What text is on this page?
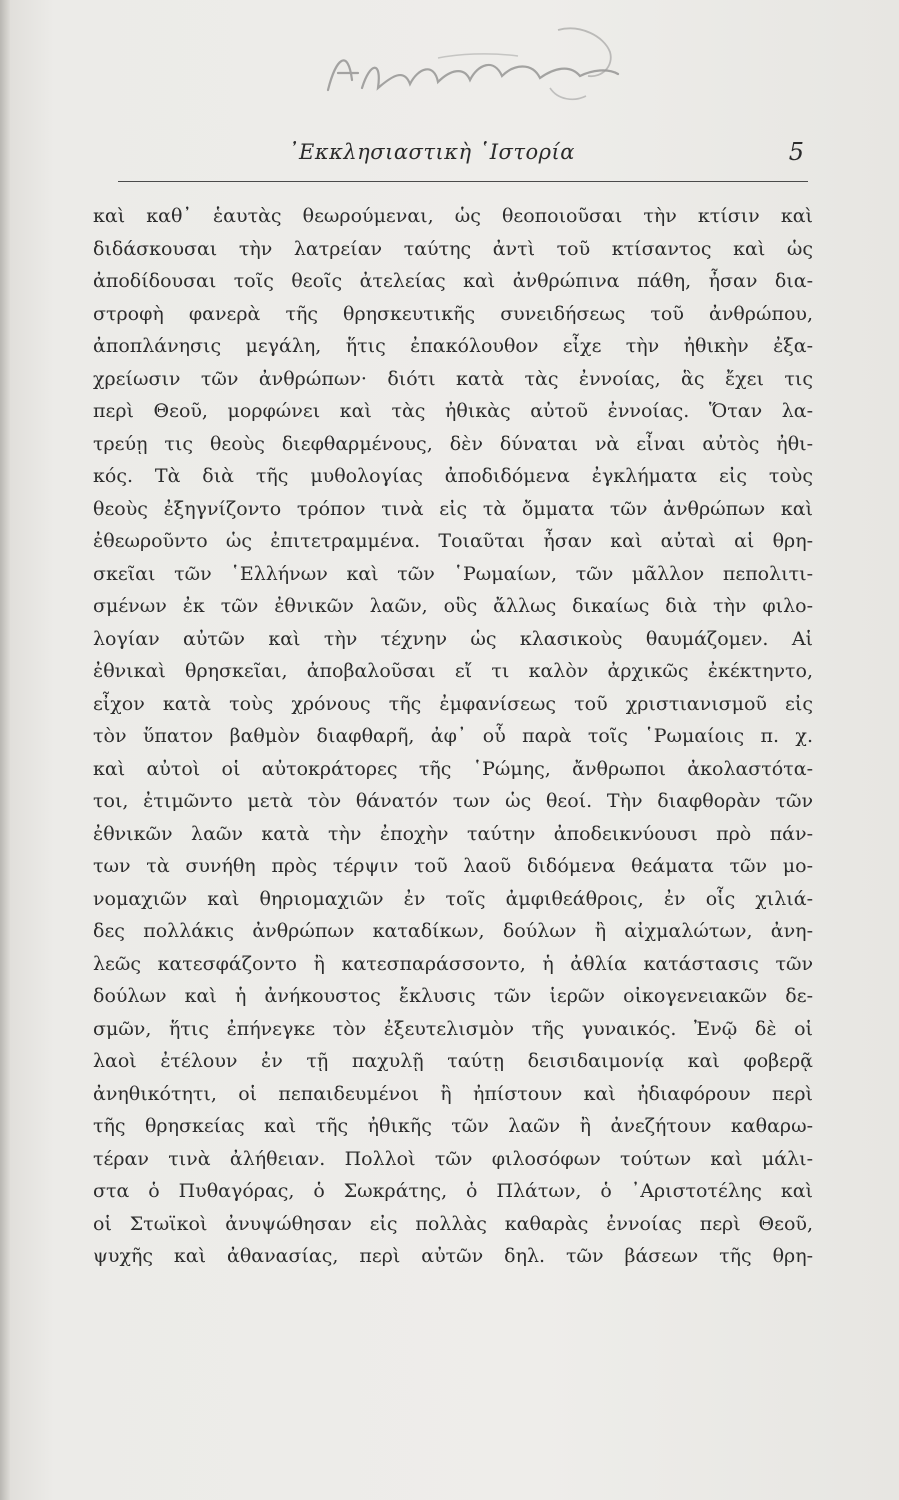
᾿Εκκλησιαστικὴ ῾Ιστορία	5
καὶ καθ᾿ ἑαυτὰς θεωρούμεναι, ὡς θεοποιοῦσαι τὴν κτίσιν καὶ
διδάσκουσαι τὴν λατρείαν ταύτης ἀντὶ τοῦ κτίσαντος καὶ ὡς
ἀποδίδουσαι τοῖς θεοῖς ἀτελείας καὶ ἀνθρώπινα πάθη, ἦσαν δια-
στροφὴ φανερὰ τῆς θρησκευτικῆς συνειδήσεως τοῦ ἀνθρώπου,
ἀποπλάνησις μεγάλη, ἥτις ἐπακόλουθον εἶχε τὴν ἠθικὴν ἐξα-
χρείωσιν τῶν ἀνθρώπων· διότι κατὰ τὰς ἐννοίας, ἃς ἔχει τις
περὶ Θεοῦ, μορφώνει καὶ τὰς ἠθικὰς αὐτοῦ ἐννοίας. Ὅταν λα-
τρεύῃ τις θεοὺς διεφθαρμένους, δὲν δύναται νὰ εἶναι αὐτὸς ἠθι-
κός. Τὰ διὰ τῆς μυθολογίας ἀποδιδόμενα ἐγκλήματα εἰς τοὺς
θεοὺς ἐξηγνίζοντο τρόπον τινὰ εἰς τὰ ὄμματα τῶν ἀνθρώπων καὶ
ἐθεωροῦντο ὡς ἐπιτετραμμένα. Τοιαῦται ἦσαν καὶ αὐταὶ αἱ θρη-
σκεῖαι τῶν ῾Ελλήνων καὶ τῶν ῾Ρωμαίων, τῶν μᾶλλον πεπολιτι-
σμένων ἐκ τῶν ἐθνικῶν λαῶν, οὓς ἄλλως δικαίως διὰ τὴν φιλο-
λογίαν αὐτῶν καὶ τὴν τέχνην ὡς κλασικοὺς θαυμάζομεν. Αἱ
ἐθνικαὶ θρησκεῖαι, ἀποβαλοῦσαι εἴ τι καλὸν ἀρχικῶς ἐκέκτηντο,
εἶχον κατὰ τοὺς χρόνους τῆς ἐμφανίσεως τοῦ χριστιανισμοῦ εἰς
τὸν ὕπατον βαθμὸν διαφθαρῆ, ἀφ᾿ οὗ παρὰ τοῖς ῾Ρωμαίοις π. χ.
καὶ αὐτοὶ οἱ αὐτοκράτορες τῆς ῾Ρώμης, ἄνθρωποι ἀκολαστότα-
τοι, ἐτιμῶντο μετὰ τὸν θάνατόν των ὡς θεοί. Τὴν διαφθορὰν τῶν
ἐθνικῶν λαῶν κατὰ τὴν ἐποχὴν ταύτην ἀποδεικνύουσι πρὸ πάν-
των τὰ συνήθη πρὸς τέρψιν τοῦ λαοῦ διδόμενα θεάματα τῶν μο-
νομαχιῶν καὶ θηριομαχιῶν ἐν τοῖς ἀμφιθεάθροις, ἐν οἷς χιλιά-
δες πολλάκις ἀνθρώπων καταδίκων, δούλων ἢ αἰχμαλώτων, ἀνη-
λεῶς κατεσφάζοντο ἢ κατεσπαράσσοντο, ἡ ἀθλία κατάστασις τῶν
δούλων καὶ ἡ ἀνήκουστος ἔκλυσις τῶν ἱερῶν οἰκογενειακῶν δε-
σμῶν, ἥτις ἐπήνεγκε τὸν ἐξευτελισμὸν τῆς γυναικός. Ἐνῷ δὲ οἱ
λαοὶ ἐτέλουν ἐν τῇ παχυλῇ ταύτῃ δεισιδαιμονίᾳ καὶ φοβερᾷ
ἀνηθικότητι, οἱ πεπαιδευμένοι ἢ ἠπίστουν καὶ ἠδιαφόρουν περὶ
τῆς θρησκείας καὶ τῆς ἠθικῆς τῶν λαῶν ἢ ἀνεζήτουν καθαρω-
τέραν τινὰ ἀλήθειαν. Πολλοὶ τῶν φιλοσόφων τούτων καὶ μάλι-
στα ὁ Πυθαγόρας, ὁ Σωκράτης, ὁ Πλάτων, ὁ ᾿Αριστοτέλης καὶ
οἱ Στωϊκοὶ ἀνυψώθησαν εἰς πολλὰς καθαρὰς ἐννοίας περὶ Θεοῦ,
ψυχῆς καὶ ἀθανασίας, περὶ αὐτῶν δηλ. τῶν βάσεων τῆς θρη-
